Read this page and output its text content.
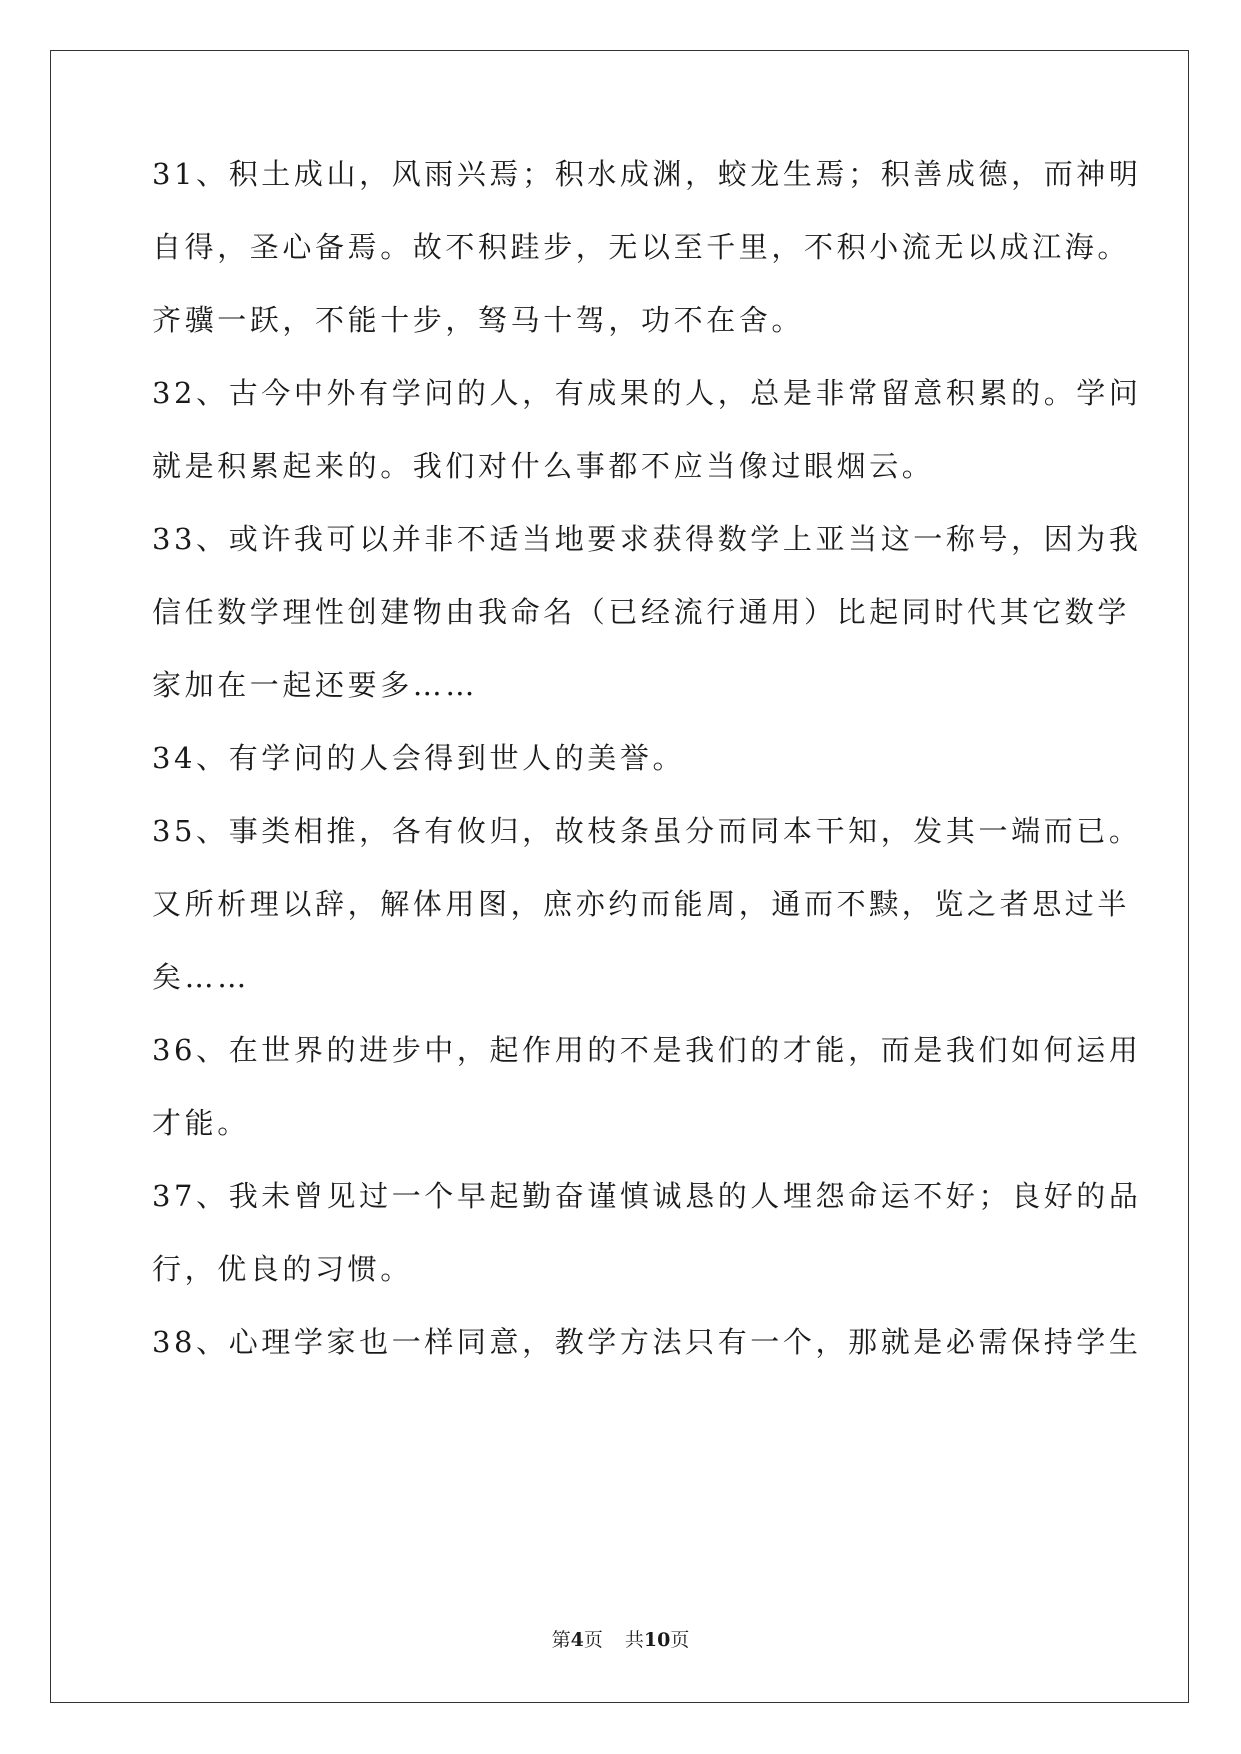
31、积土成山，风雨兴焉；积水成渊，蛟龙生焉；积善成德，而神明
自得，圣心备焉。故不积跬步，无以至千里，不积小流无以成江海。
齐骥一跃，不能十步，驽马十驾，功不在舍。
32、古今中外有学问的人，有成果的人，总是非常留意积累的。学问
就是积累起来的。我们对什么事都不应当像过眼烟云。
33、或许我可以并非不适当地要求获得数学上亚当这一称号，因为我
信任数学理性创建物由我命名（已经流行通用）比起同时代其它数学
家加在一起还要多……
34、有学问的人会得到世人的美誉。
35、事类相推，各有攸归，故枝条虽分而同本干知，发其一端而已。
又所析理以辞，解体用图，庶亦约而能周，通而不黩，览之者思过半
矣……
36、在世界的进步中，起作用的不是我们的才能，而是我们如何运用
才能。
37、我未曾见过一个早起勤奋谨慎诚恳的人埋怨命运不好；良好的品
行，优良的习惯。
38、心理学家也一样同意，教学方法只有一个，那就是必需保持学生
第4页 共10页
